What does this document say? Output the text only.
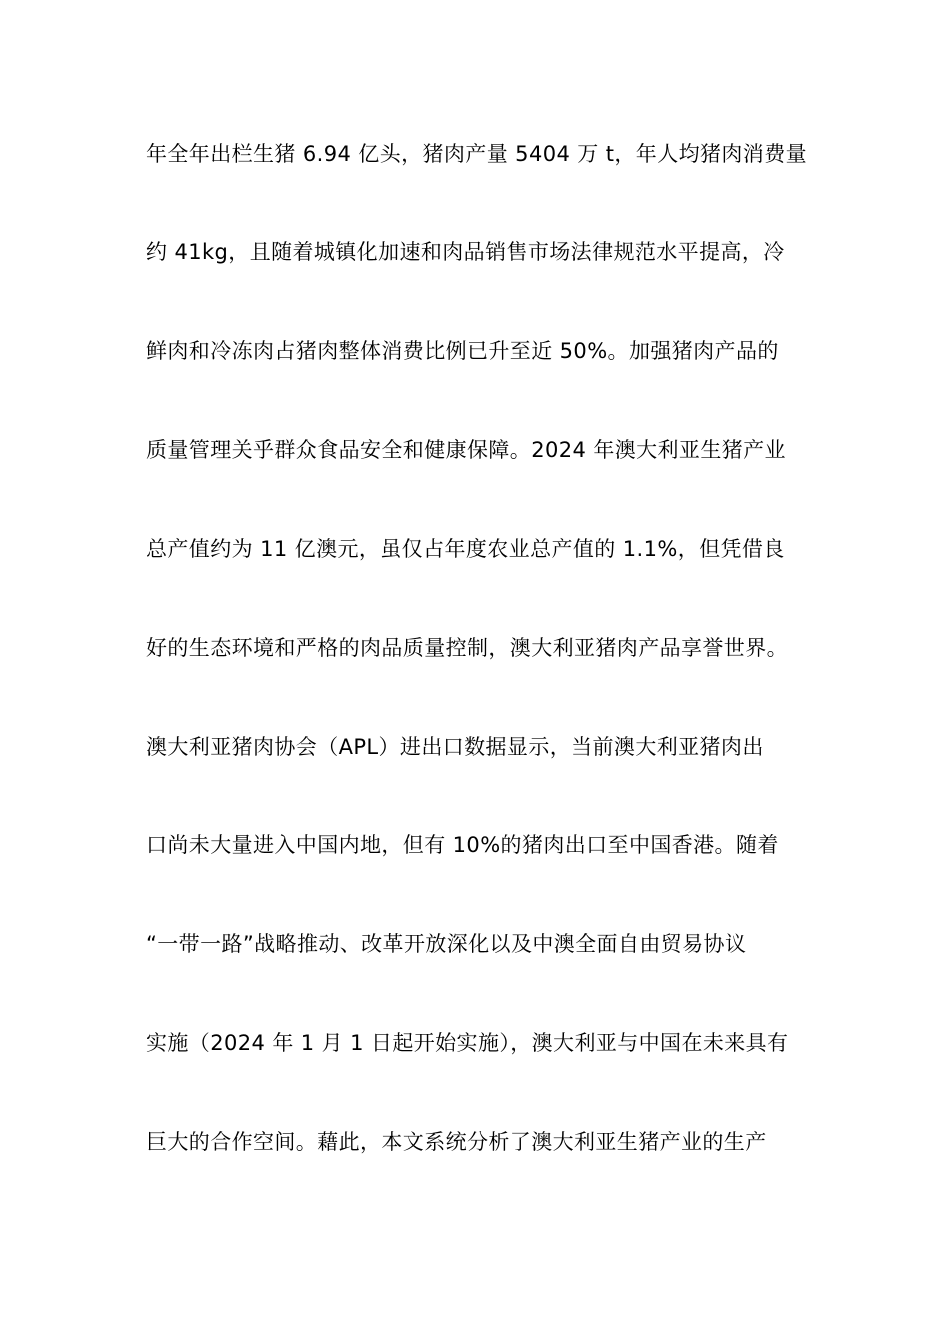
年全年出栏生猪 6.94 亿头，猪肉产量 5404 万 t，年人均猪肉消费量
约 41kg，且随着城镇化加速和肉品销售市场法律规范水平提高，冷
鲜肉和冷冻肉占猪肉整体消费比例已升至近 50%。加强猪肉产品的
质量管理关乎群众食品安全和健康保障。2024 年澳大利亚生猪产业
总产值约为 11 亿澳元，虽仅占年度农业总产值的 1.1%，但凭借良
好的生态环境和严格的肉品质量控制，澳大利亚猪肉产品享誉世界。
澳大利亚猪肉协会（APL）进出口数据显示，当前澳大利亚猪肉出
口尚未大量进入中国内地，但有 10%的猪肉出口至中国香港。随着
“一带一路”战略推动、改革开放深化以及中澳全面自由贸易协议
实施（2024 年 1 月 1 日起开始实施），澳大利亚与中国在未来具有
巨大的合作空间。藉此，本文系统分析了澳大利亚生猪产业的生产
